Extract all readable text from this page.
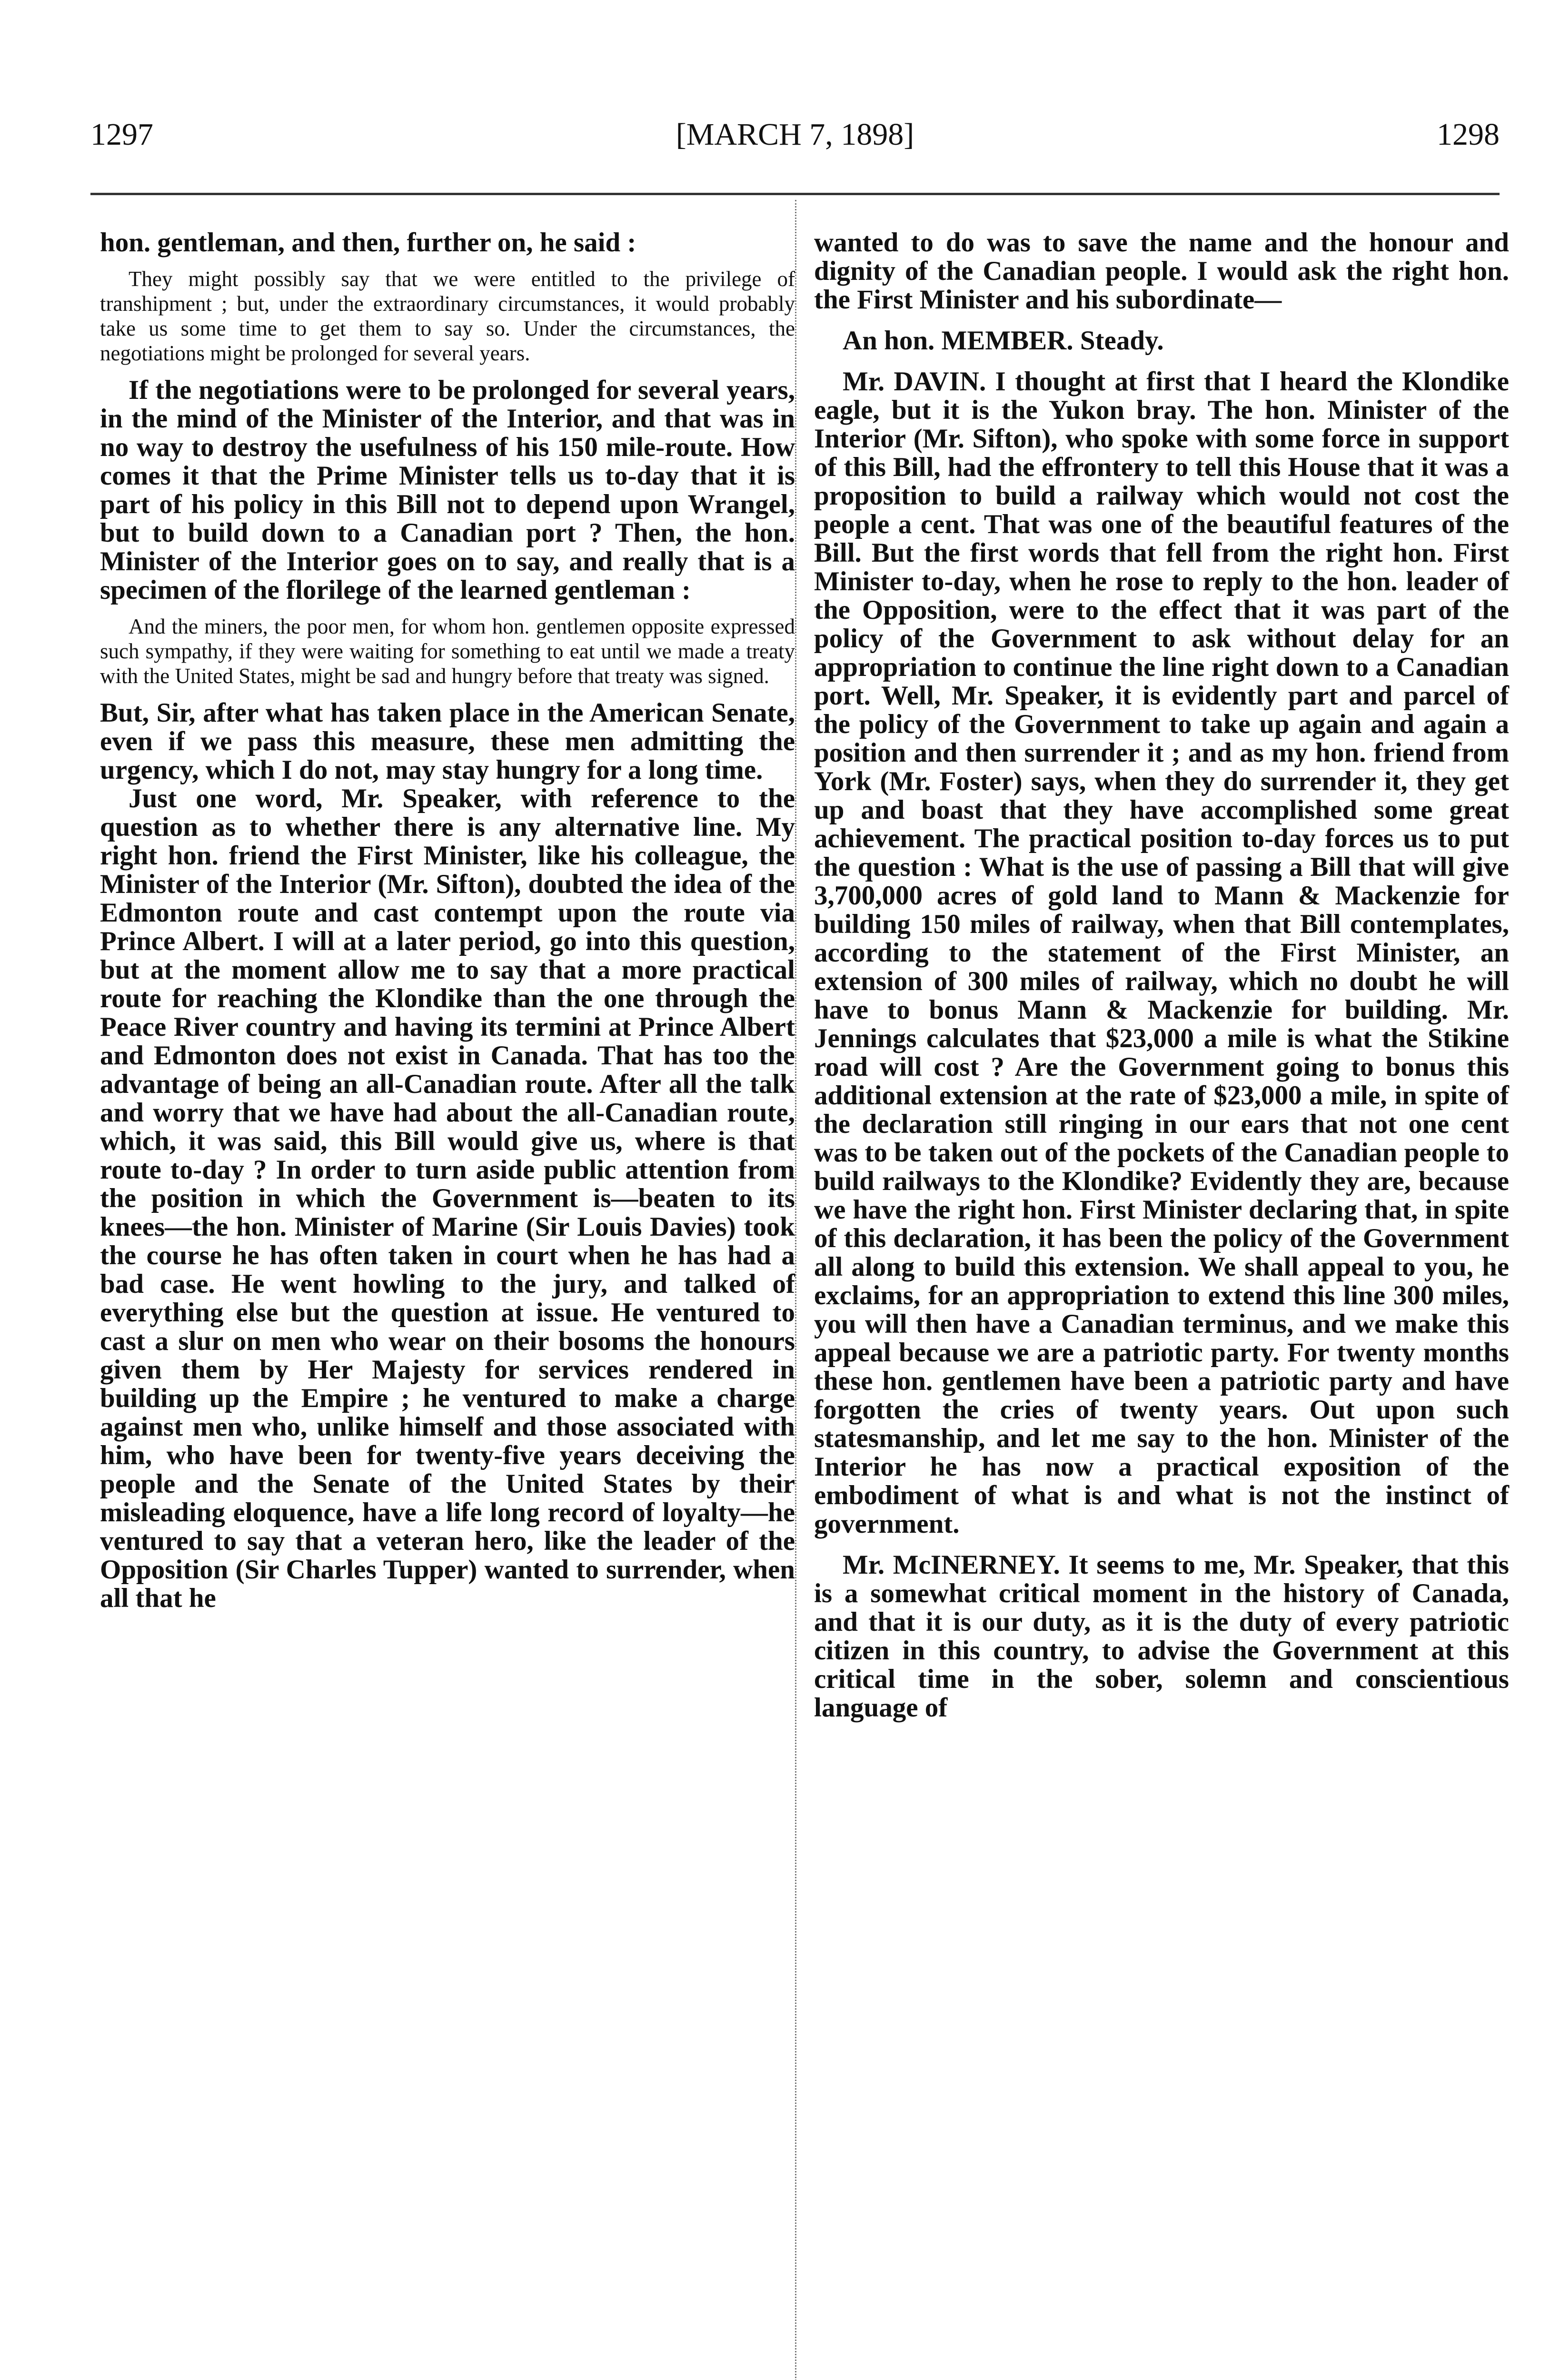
1297	[MARCH 7, 1898]	1298

hon. gentleman, and then, further on, he said :

They might possibly say that we were entitled to the privilege of transhipment ; but, under the extraordinary circumstances, it would probably take us some time to get them to say so. Under the circumstances, the negotiations might be prolonged for several years.

If the negotiations were to be prolonged for several years, in the mind of the Minister of the Interior, and that was in no way to destroy the usefulness of his 150 mile-route. How comes it that the Prime Minister tells us to-day that it is part of his policy in this Bill not to depend upon Wrangel, but to build down to a Canadian port ? Then, the hon. Minister of the Interior goes on to say, and really that is a specimen of the florilege of the learned gentleman :

And the miners, the poor men, for whom hon. gentlemen opposite expressed such sympathy, if they were waiting for something to eat until we made a treaty with the United States, might be sad and hungry before that treaty was signed.

But, Sir, after what has taken place in the American Senate, even if we pass this measure, these men admitting the urgency, which I do not, may stay hungry for a long time.

Just one word, Mr. Speaker, with reference to the question as to whether there is any alternative line. My right hon. friend the First Minister, like his colleague, the Minister of the Interior (Mr. Sifton), doubted the idea of the Edmonton route and cast contempt upon the route via Prince Albert. I will at a later period, go into this question, but at the moment allow me to say that a more practical route for reaching the Klondike than the one through the Peace River country and having its termini at Prince Albert and Edmonton does not exist in Canada. That has too the advantage of being an all-Canadian route. After all the talk and worry that we have had about the all-Canadian route, which, it was said, this Bill would give us, where is that route to-day ? In order to turn aside public attention from the position in which the Government is—beaten to its knees—the hon. Minister of Marine (Sir Louis Davies) took the course he has often taken in court when he has had a bad case. He went howling to the jury, and talked of everything else but the question at issue. He ventured to cast a slur on men who wear on their bosoms the honours given them by Her Majesty for services rendered in building up the Empire ; he ventured to make a charge against men who, unlike himself and those associated with him, who have been for twenty-five years deceiving the people and the Senate of the United States by their misleading eloquence, have a life long record of loyalty—he ventured to say that a veteran hero, like the leader of the Opposition (Sir Charles Tupper) wanted to surrender, when all that he

wanted to do was to save the name and the honour and dignity of the Canadian people. I would ask the right hon. the First Minister and his subordinate—

An hon. MEMBER. Steady.

Mr. DAVIN. I thought at first that I heard the Klondike eagle, but it is the Yukon bray. The hon. Minister of the Interior (Mr. Sifton), who spoke with some force in support of this Bill, had the effrontery to tell this House that it was a proposition to build a railway which would not cost the people a cent. That was one of the beautiful features of the Bill. But the first words that fell from the right hon. First Minister to-day, when he rose to reply to the hon. leader of the Opposition, were to the effect that it was part of the policy of the Government to ask without delay for an appropriation to continue the line right down to a Canadian port. Well, Mr. Speaker, it is evidently part and parcel of the policy of the Government to take up again and again a position and then surrender it ; and as my hon. friend from York (Mr. Foster) says, when they do surrender it, they get up and boast that they have accomplished some great achievement. The practical position to-day forces us to put the question : What is the use of passing a Bill that will give 3,700,000 acres of gold land to Mann & Mackenzie for building 150 miles of railway, when that Bill contemplates, according to the statement of the First Minister, an extension of 300 miles of railway, which no doubt he will have to bonus Mann & Mackenzie for building. Mr. Jennings calculates that $23,000 a mile is what the Stikine road will cost ? Are the Government going to bonus this additional extension at the rate of $23,000 a mile, in spite of the declaration still ringing in our ears that not one cent was to be taken out of the pockets of the Canadian people to build railways to the Klondike? Evidently they are, because we have the right hon. First Minister declaring that, in spite of this declaration, it has been the policy of the Government all along to build this extension. We shall appeal to you, he exclaims, for an appropriation to extend this line 300 miles, you will then have a Canadian terminus, and we make this appeal because we are a patriotic party. For twenty months these hon. gentlemen have been a patriotic party and have forgotten the cries of twenty years. Out upon such statesmanship, and let me say to the hon. Minister of the Interior he has now a practical exposition of the embodiment of what is and what is not the instinct of government.

Mr. McINERNEY. It seems to me, Mr. Speaker, that this is a somewhat critical moment in the history of Canada, and that it is our duty, as it is the duty of every patriotic citizen in this country, to advise the Government at this critical time in the sober, solemn and conscientious language of
